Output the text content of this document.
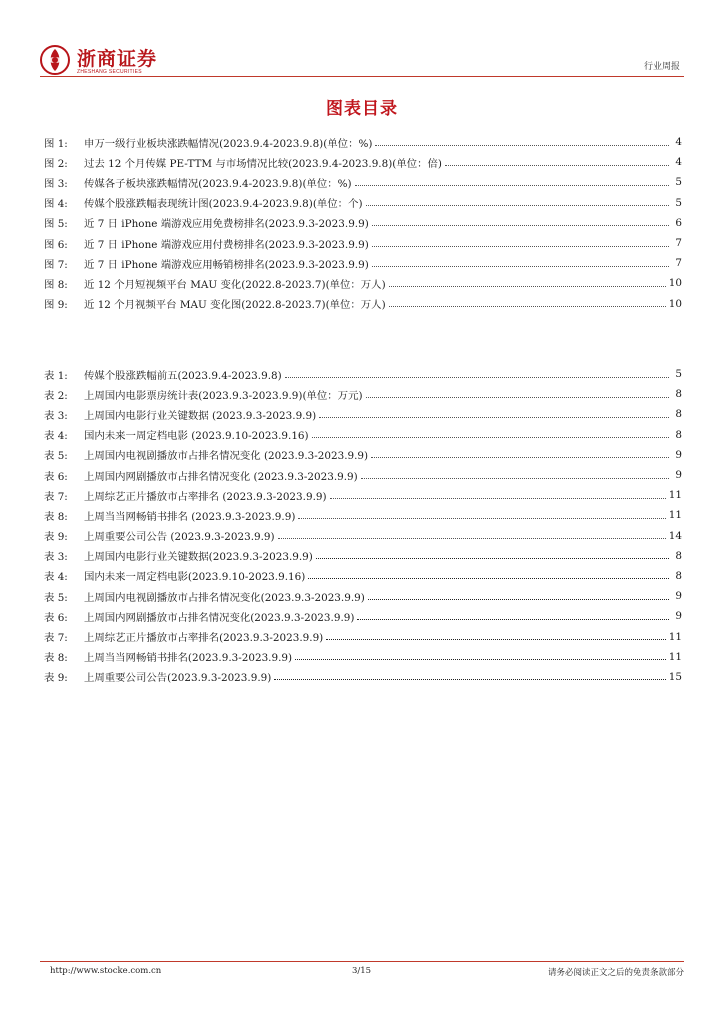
浙商证券
ZHESHANG SECURITIES	行业周报
图表目录
图 1:	申万一级行业板块涨跌幅情况(2023.9.4-2023.9.8)(单位：%)	4
图 2:	过去 12 个月传媒 PE-TTM 与市场情况比较(2023.9.4-2023.9.8)(单位：倍)	4
图 3:	传媒各子板块涨跌幅情况(2023.9.4-2023.9.8)(单位：%)	5
图 4:	传媒个股涨跌幅表现统计图(2023.9.4-2023.9.8)(单位：个)	5
图 5:	近 7 日 iPhone 端游戏应用免费榜排名(2023.9.3-2023.9.9)	6
图 6:	近 7 日 iPhone 端游戏应用付费榜排名(2023.9.3-2023.9.9)	7
图 7:	近 7 日 iPhone 端游戏应用畅销榜排名(2023.9.3-2023.9.9)	7
图 8:	近 12 个月短视频平台 MAU 变化(2022.8-2023.7)(单位：万人)	10
图 9:	近 12 个月视频平台 MAU 变化图(2022.8-2023.7)(单位：万人)	10
表 1:	传媒个股涨跌幅前五(2023.9.4-2023.9.8)	5
表 2:	上周国内电影票房统计表(2023.9.3-2023.9.9)(单位：万元)	8
表 3:	上周国内电影行业关键数据 (2023.9.3-2023.9.9)	8
表 4:	国内未来一周定档电影 (2023.9.10-2023.9.16)	8
表 5:	上周国内电视剧播放市占排名情况变化 (2023.9.3-2023.9.9)	9
表 6:	上周国内网剧播放市占排名情况变化 (2023.9.3-2023.9.9)	9
表 7:	上周综艺正片播放市占率排名 (2023.9.3-2023.9.9)	11
表 8:	上周当当网畅销书排名 (2023.9.3-2023.9.9)	11
表 9:	上周重要公司公告 (2023.9.3-2023.9.9)	14
表 3:	上周国内电影行业关键数据(2023.9.3-2023.9.9)	8
表 4:	国内未来一周定档电影(2023.9.10-2023.9.16)	8
表 5:	上周国内电视剧播放市占排名情况变化(2023.9.3-2023.9.9)	9
表 6:	上周国内网剧播放市占排名情况变化(2023.9.3-2023.9.9)	9
表 7:	上周综艺正片播放市占率排名(2023.9.3-2023.9.9)	11
表 8:	上周当当网畅销书排名(2023.9.3-2023.9.9)	11
表 9:	上周重要公司公告(2023.9.3-2023.9.9)	15
http://www.stocke.com.cn	3/15	请务必阅读正文之后的免责条款部分
